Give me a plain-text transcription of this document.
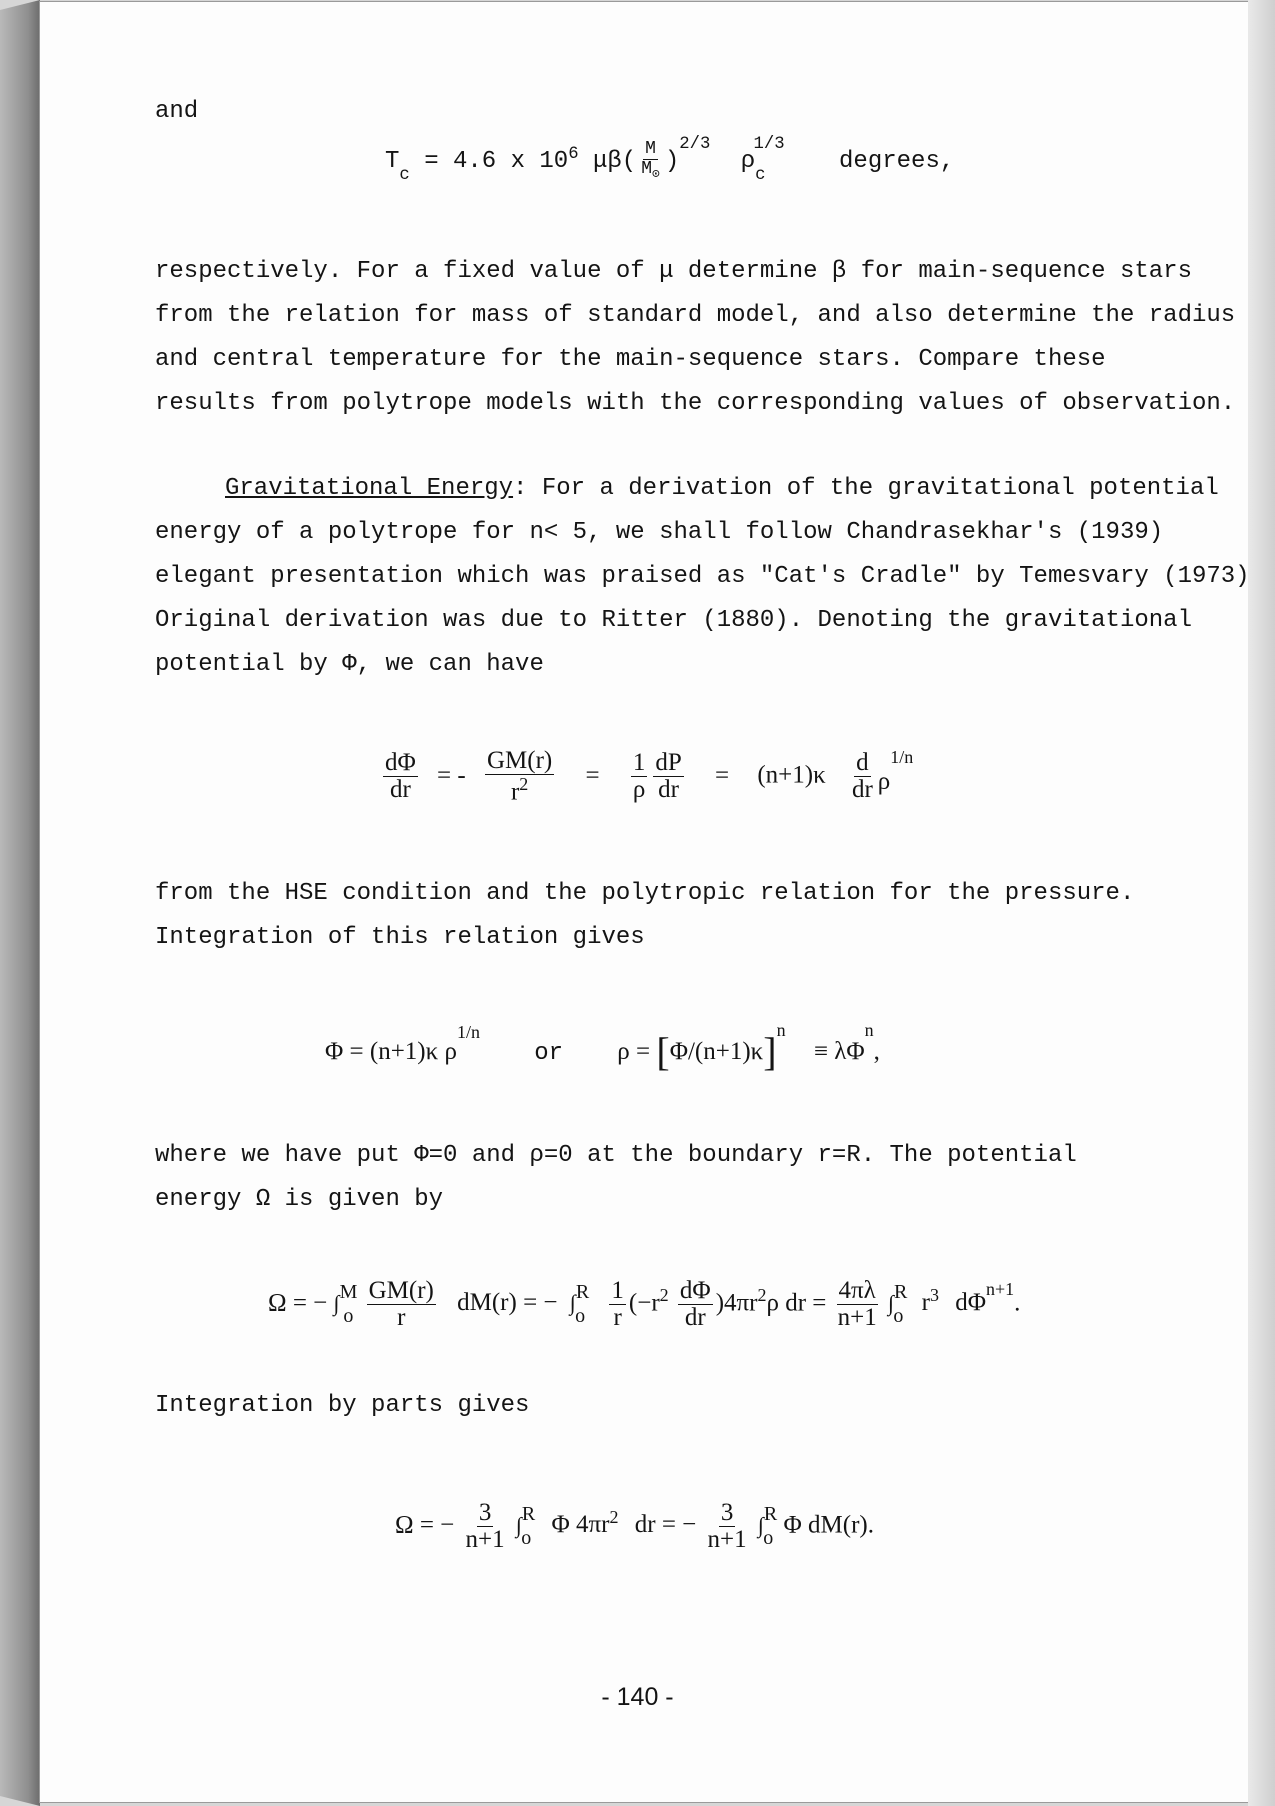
and
$T_c = 4.6$ x $10^6$ $\mu\beta( \frac{M}{M_⊙} )^{2/3}$ $\rho_c^{1/3}$ degrees,
respectively. For a fixed value of μ determine β for main-sequence stars
from the relation for mass of standard model, and also determine the radius
and central temperature for the main-sequence stars. Compare these
results from polytrope models with the corresponding values of observation.
Gravitational Energy: For a derivation of the gravitational potential
energy of a polytrope for n< 5, we shall follow Chandrasekhar's (1939)
elegant presentation which was praised as "Cat's Cradle" by Temesvary (1973)
Original derivation was due to Ritter (1880). Denoting the gravitational
potential by Φ, we can have
$\frac{d\Phi}{dr}$ = - $\frac{GM(r)}{r^2} = \frac{1}{\rho} \frac{dP}{dr} = (n+1)\kappa \frac{d}{dr} \rho^{1/n}$
from the HSE condition and the polytropic relation for the pressure.
Integration of this relation gives
Φ = (n+1)κ $\rho^{1/n}$ or $\rho = [\Phi/(n+1)\kappa]^n \equiv \lambda\Phi^n$,
where we have put Φ=0 and ρ=0 at the boundary r=R. The potential
energy Ω is given by
Ω = − $\int^M_o \frac{GM(r)}{r} dM(r)$ = − $\int^R_o \frac{1}{r} (-r^2 \frac{d\Phi}{dr} )4\pi r^2\rho$ dr = $\frac{4\pi\lambda}{n+1} \int^R_o$ $r^3$ $d\Phi^{n+1}$.
Integration by parts gives
Ω = − $\frac{3}{n+1} \int^R_o$ Φ $4\pi r^2$ dr = − $\frac{3}{n+1} \int^R_o$ Φ dM(r).
- 140 -
